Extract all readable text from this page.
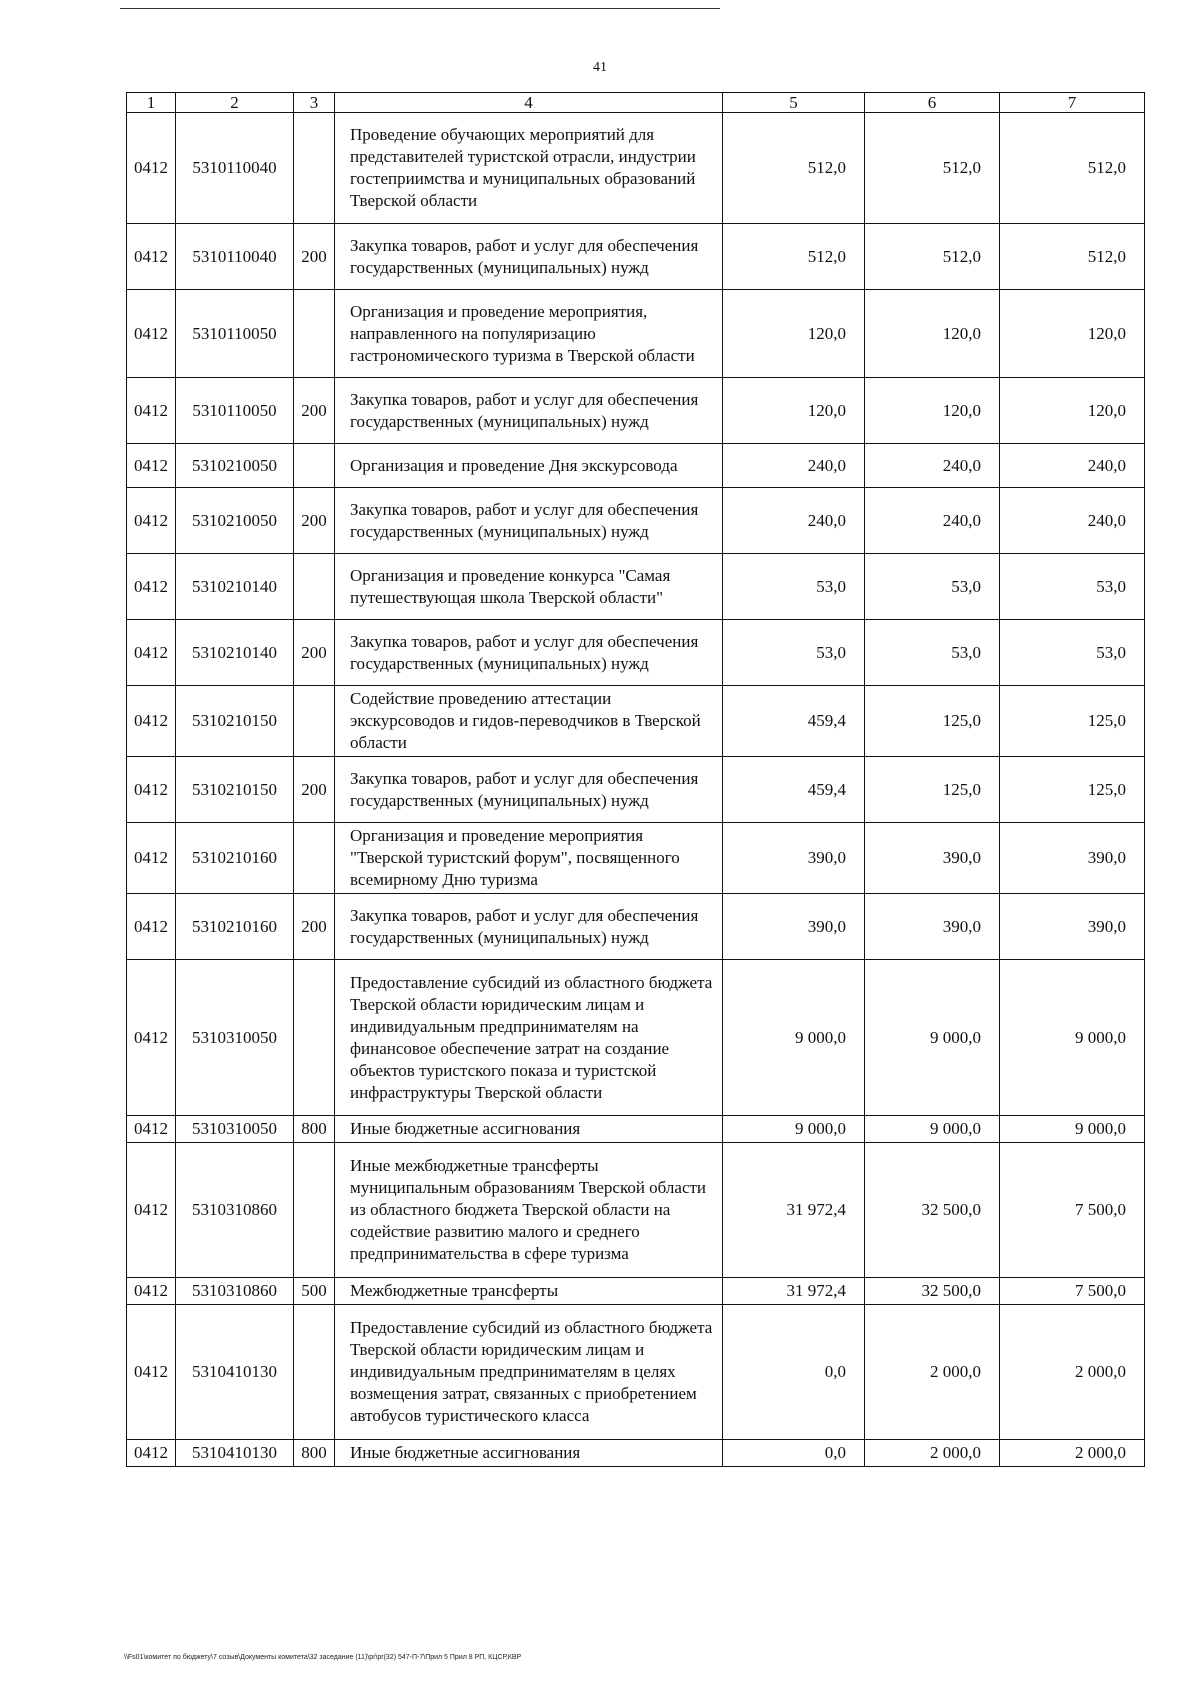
41
1	2	3	4	5	6	7
0412	5310110040		Проведение обучающих мероприятий для представителей туристской отрасли, индустрии гостеприимства и муниципальных образований Тверской области	512,0	512,0	512,0
0412	5310110040	200	Закупка товаров, работ и услуг для обеспечения государственных (муниципальных) нужд	512,0	512,0	512,0
0412	5310110050		Организация и проведение мероприятия, направленного на популяризацию гастрономического туризма в Тверской области	120,0	120,0	120,0
0412	5310110050	200	Закупка товаров, работ и услуг для обеспечения государственных (муниципальных) нужд	120,0	120,0	120,0
0412	5310210050		Организация и проведение Дня экскурсовода	240,0	240,0	240,0
0412	5310210050	200	Закупка товаров, работ и услуг для обеспечения государственных (муниципальных) нужд	240,0	240,0	240,0
0412	5310210140		Организация и проведение конкурса "Самая путешествующая школа Тверской области"	53,0	53,0	53,0
0412	5310210140	200	Закупка товаров, работ и услуг для обеспечения государственных (муниципальных) нужд	53,0	53,0	53,0
0412	5310210150		Содействие проведению аттестации экскурсоводов и гидов-переводчиков в Тверской области	459,4	125,0	125,0
0412	5310210150	200	Закупка товаров, работ и услуг для обеспечения государственных (муниципальных) нужд	459,4	125,0	125,0
0412	5310210160		Организация и проведение мероприятия "Тверской туристский форум", посвященного всемирному Дню туризма	390,0	390,0	390,0
0412	5310210160	200	Закупка товаров, работ и услуг для обеспечения государственных (муниципальных) нужд	390,0	390,0	390,0
0412	5310310050		Предоставление субсидий из областного бюджета Тверской области юридическим лицам и индивидуальным предпринимателям на финансовое обеспечение затрат на создание объектов туристского показа и туристской инфраструктуры Тверской области	9 000,0	9 000,0	9 000,0
0412	5310310050	800	Иные бюджетные ассигнования	9 000,0	9 000,0	9 000,0
0412	5310310860		Иные межбюджетные трансферты муниципальным образованиям Тверской области из областного бюджета Тверской области на содействие развитию малого и среднего предпринимательства в сфере туризма	31 972,4	32 500,0	7 500,0
0412	5310310860	500	Межбюджетные трансферты	31 972,4	32 500,0	7 500,0
0412	5310410130		Предоставление субсидий из областного бюджета Тверской области юридическим лицам и индивидуальным предпринимателям в целях возмещения затрат, связанных с приобретением автобусов туристического класса	0,0	2 000,0	2 000,0
0412	5310410130	800	Иные бюджетные ассигнования	0,0	2 000,0	2 000,0
\\Fs01\комитет по бюджету\7 созыв\Документы комитета\32 заседание (11)\pr\pr(32) 547-П-7\Прил 5 Прил 8 РП, КЦСР,КВР
